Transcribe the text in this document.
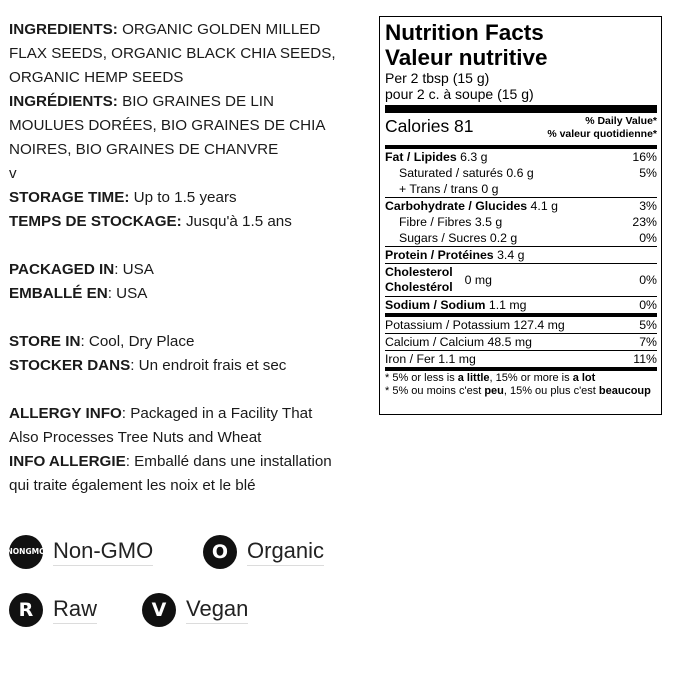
INGREDIENTS: ORGANIC GOLDEN MILLED
FLAX SEEDS, ORGANIC BLACK CHIA SEEDS,
ORGANIC HEMP SEEDS
INGRÉDIENTS: BIO GRAINES DE LIN
MOULUES DORÉES, BIO GRAINES DE CHIA
NOIRES, BIO GRAINES DE CHANVRE
v
STORAGE TIME: Up to 1.5 years
TEMPS DE STOCKAGE: Jusqu'à 1.5 ans
PACKAGED IN: USA
EMBALLÉ EN: USA
STORE IN: Cool, Dry Place
STOCKER DANS: Un endroit frais et sec
ALLERGY INFO: Packaged in a Facility That
Also Processes Tree Nuts and Wheat
INFO ALLERGIE: Emballé dans une installation
qui traite également les noix et le blé
NON GMO Non-GMO	O Organic
R Raw	V Vegan
Nutrition Facts
Valeur nutritive
Per 2 tbsp (15 g)
pour 2 c. à soupe (15 g)
Calories 81	% Daily Value*
% valeur quotidienne*
Fat / Lipides 6.3 g	16%
Saturated / saturés 0.6 g	5%
+ Trans / trans 0 g
Carbohydrate / Glucides 4.1 g	3%
Fibre / Fibres 3.5 g	23%
Sugars / Sucres 0.2 g	0%
Protein / Protéines 3.4 g
Cholesterol
Cholestérol 0 mg	0%
Sodium / Sodium 1.1 mg	0%
Potassium / Potassium 127.4 mg	5%
Calcium / Calcium 48.5 mg	7%
Iron / Fer 1.1 mg	11%
* 5% or less is a little, 15% or more is a lot
* 5% ou moins c'est peu, 15% ou plus c'est beaucoup
